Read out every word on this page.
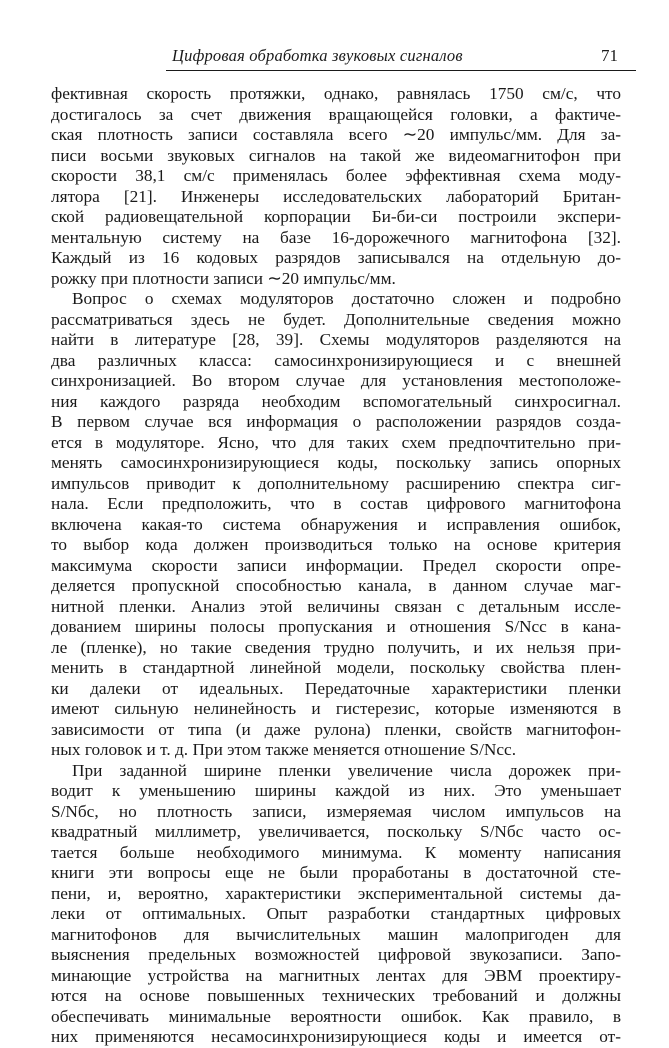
Цифровая обработка звуковых сигналов	71
фективная скорость протяжки, однако, равнялась 1750 см/с, что
достигалось за счет движения вращающейся головки, а фактиче-
ская плотность записи составляла всего ∼20 импульс/мм. Для за-
писи восьми звуковых сигналов на такой же видеомагнитофон при
скорости 38,1 см/с применялась более эффективная схема моду-
лятора [21]. Инженеры исследовательских лабораторий Британ-
ской радиовещательной корпорации Би-би-си построили экспери-
ментальную систему на базе 16-дорожечного магнитофона [32].
Каждый из 16 кодовых разрядов записывался на отдельную до-
рожку при плотности записи ∼20 импульс/мм.
Вопрос о схемах модуляторов достаточно сложен и подробно
рассматриваться здесь не будет. Дополнительные сведения можно
найти в литературе [28, 39]. Схемы модуляторов разделяются на
два различных класса: самосинхронизирующиеся и с внешней
синхронизацией. Во втором случае для установления местоположе-
ния каждого разряда необходим вспомогательный синхросигнал.
В первом случае вся информация о расположении разрядов созда-
ется в модуляторе. Ясно, что для таких схем предпочтительно при-
менять самосинхронизирующиеся коды, поскольку запись опорных
импульсов приводит к дополнительному расширению спектра сиг-
нала. Если предположить, что в состав цифрового магнитофона
включена какая-то система обнаружения и исправления ошибок,
то выбор кода должен производиться только на основе критерия
максимума скорости записи информации. Предел скорости опре-
деляется пропускной способностью канала, в данном случае маг-
нитной пленки. Анализ этой величины связан с детальным иссле-
дованием ширины полосы пропускания и отношения S/Nсс в кана-
ле (пленке), но такие сведения трудно получить, и их нельзя при-
менить в стандартной линейной модели, поскольку свойства плен-
ки далеки от идеальных. Передаточные характеристики пленки
имеют сильную нелинейность и гистерезис, которые изменяются в
зависимости от типа (и даже рулона) пленки, свойств магнитофон-
ных головок и т. д. При этом также меняется отношение S/Nсс.
При заданной ширине пленки увеличение числа дорожек при-
водит к уменьшению ширины каждой из них. Это уменьшает
S/Nбс, но плотность записи, измеряемая числом импульсов на
квадратный миллиметр, увеличивается, поскольку S/Nбс часто ос-
тается больше необходимого минимума. К моменту написания
книги эти вопросы еще не были проработаны в достаточной сте-
пени, и, вероятно, характеристики экспериментальной системы да-
леки от оптимальных. Опыт разработки стандартных цифровых
магнитофонов для вычислительных машин малопригоден для
выяснения предельных возможностей цифровой звукозаписи. Запо-
минающие устройства на магнитных лентах для ЭВМ проектиру-
ются на основе повышенных технических требований и должны
обеспечивать минимальные вероятности ошибок. Как правило, в
них применяются несамосинхронизирующиеся коды и имеется от-
